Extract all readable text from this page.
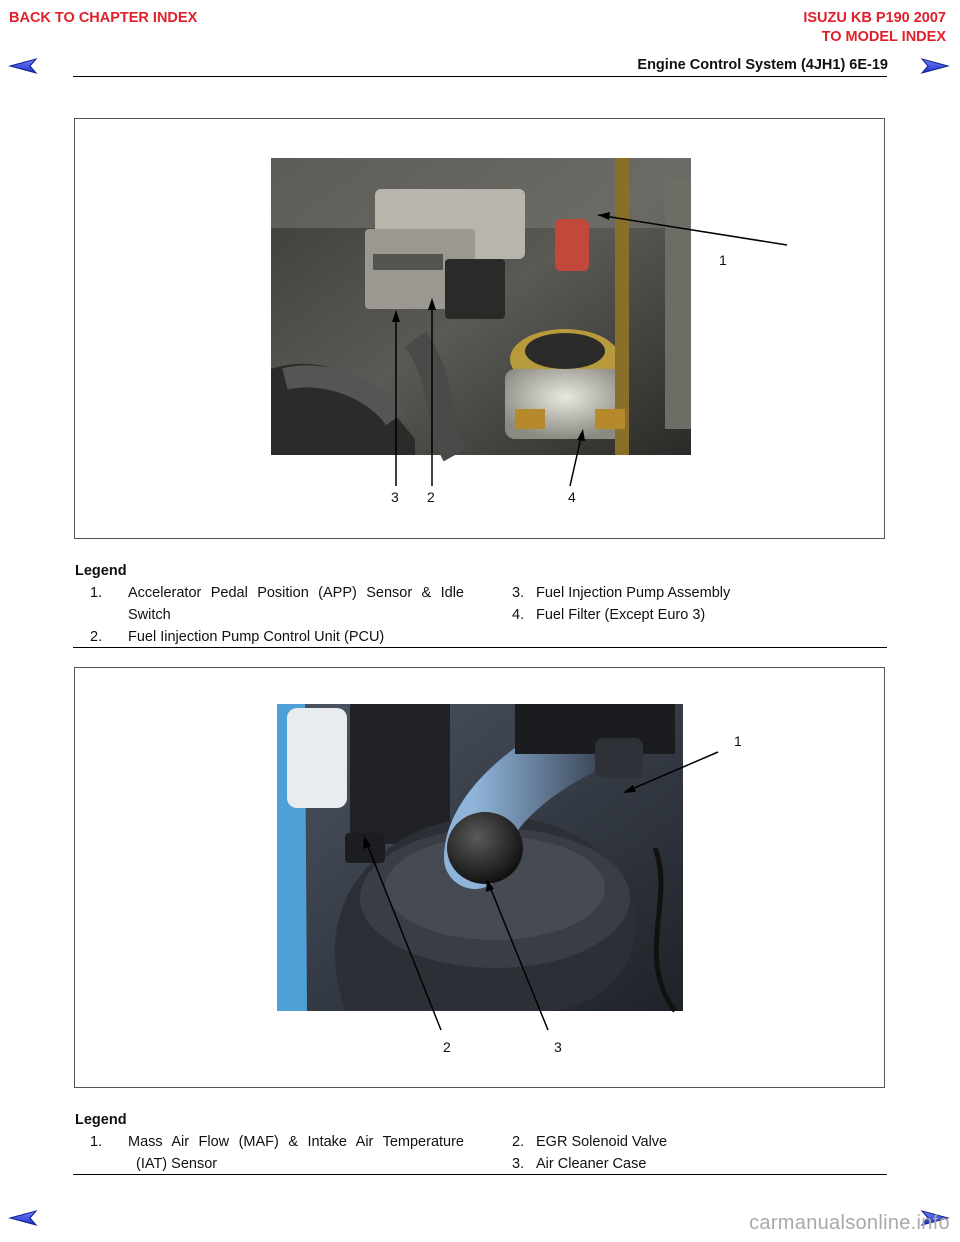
BACK TO CHAPTER INDEX	ISUZU KB P190 2007
TO MODEL INDEX
Engine Control System (4JH1) 6E-19
1
3 2	4
Legend
1.	Accelerator Pedal Position (APP) Sensor & Idle
Switch
2.	Fuel Iinjection Pump Control Unit (PCU)
3. Fuel Injection Pump Assembly
4. Fuel Filter (Except Euro 3)
1
2	3
Legend
1.	Mass Air Flow (MAF) & Intake Air Temperature
(IAT) Sensor
2. EGR Solenoid Valve
3. Air Cleaner Case
carmanualsonline.info
